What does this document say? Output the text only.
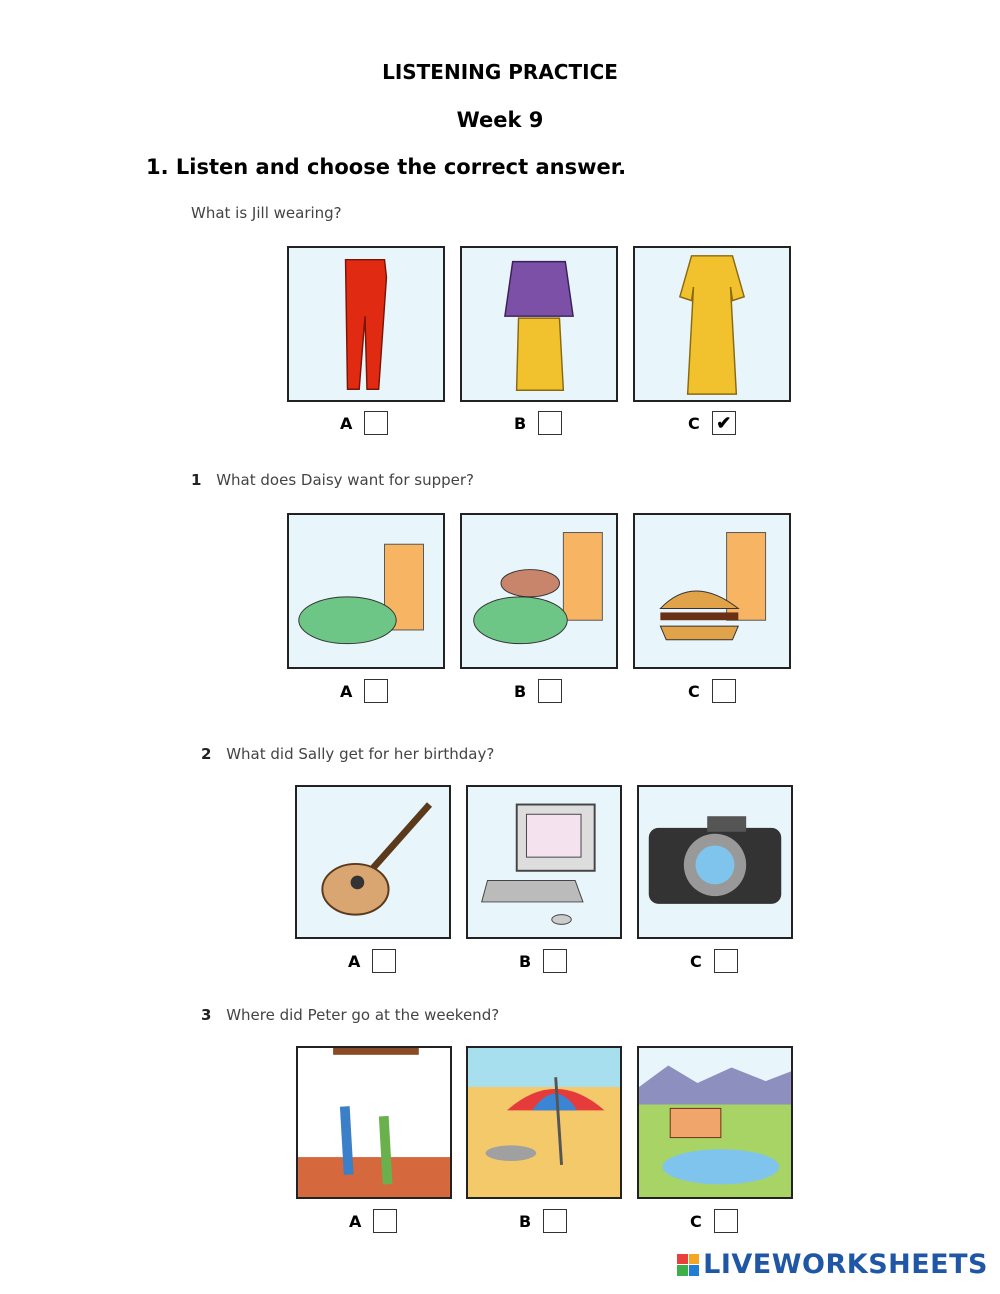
LISTENING PRACTICE
Week 9
1. Listen and choose the correct answer.
What is Jill wearing?
A	B	C ✔
1 What does Daisy want for supper?
A	B	C
2 What did Sally get for her birthday?
A	B	C
3 Where did Peter go at the weekend?
A	B	C
LIVEWORKSHEETS
